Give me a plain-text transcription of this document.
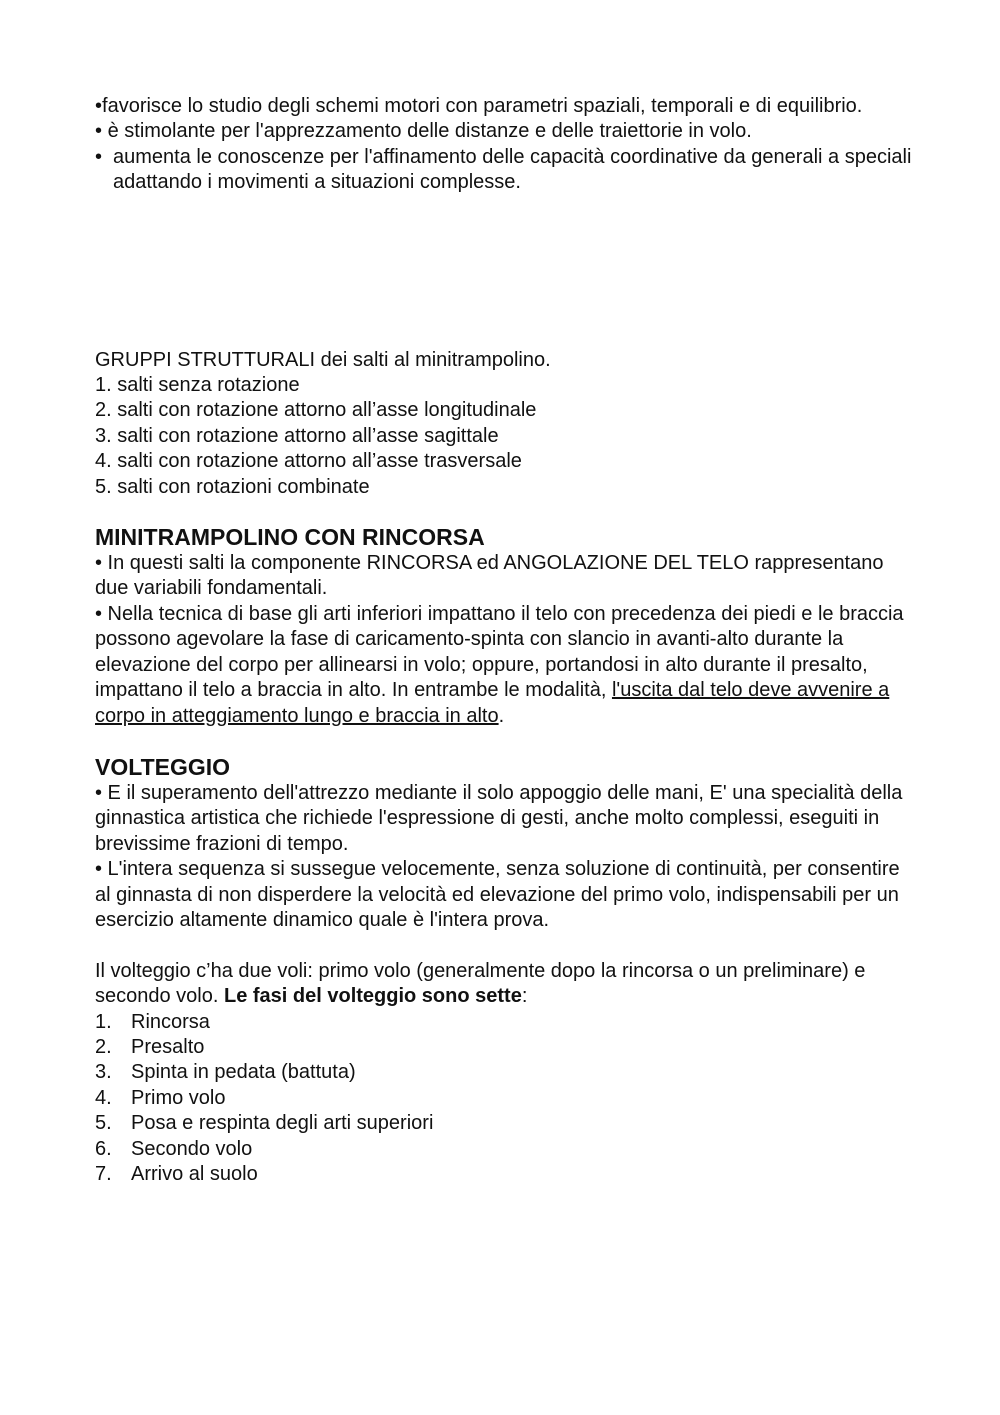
•favorisce lo studio degli schemi motori con parametri spaziali, temporali e di equilibrio.
• è stimolante per l'apprezzamento delle distanze e delle traiettorie in volo.
• aumenta le conoscenze per l'affinamento delle capacità coordinative da generali a speciali adattando i movimenti a situazioni complesse.

GRUPPI STRUTTURALI dei salti al minitrampolino.

1. salti senza rotazione
2. salti con rotazione attorno all’asse longitudinale
3. salti con rotazione attorno all’asse sagittale
4. salti con rotazione attorno all’asse trasversale
5. salti con rotazioni combinate
MINITRAMPOLINO CON RINCORSA

• In questi salti la componente RINCORSA ed ANGOLAZIONE DEL TELO rappresentano due variabili fondamentali.

• Nella tecnica di base gli arti inferiori impattano il telo con precedenza dei piedi e le braccia possono agevolare la fase di caricamento-spinta con slancio in avanti-alto durante la elevazione del corpo per allinearsi in volo; oppure, portandosi in alto durante il presalto, impattano il telo a braccia in alto. In entrambe le modalità, l'uscita dal telo deve avvenire a corpo in atteggiamento lungo e braccia in alto.

VOLTEGGIO

• E il superamento dell'attrezzo mediante il solo appoggio delle mani, E' una specialità della ginnastica artistica che richiede l'espressione di gesti, anche molto complessi, eseguiti in brevissime frazioni di tempo.

• L'intera sequenza si sussegue velocemente, senza soluzione di continuità, per consentire al ginnasta di non disperdere la velocità ed elevazione del primo volo, indispensabili per un esercizio altamente dinamico quale è l'intera prova.

Il volteggio c’ha due voli: primo volo (generalmente dopo la rincorsa o un preliminare) e secondo volo. Le fasi del volteggio sono sette:

1. Rincorsa
2. Presalto
3. Spinta in pedata (battuta)
4. Primo volo
5. Posa e respinta degli arti superiori
6. Secondo volo
7. Arrivo al suolo
